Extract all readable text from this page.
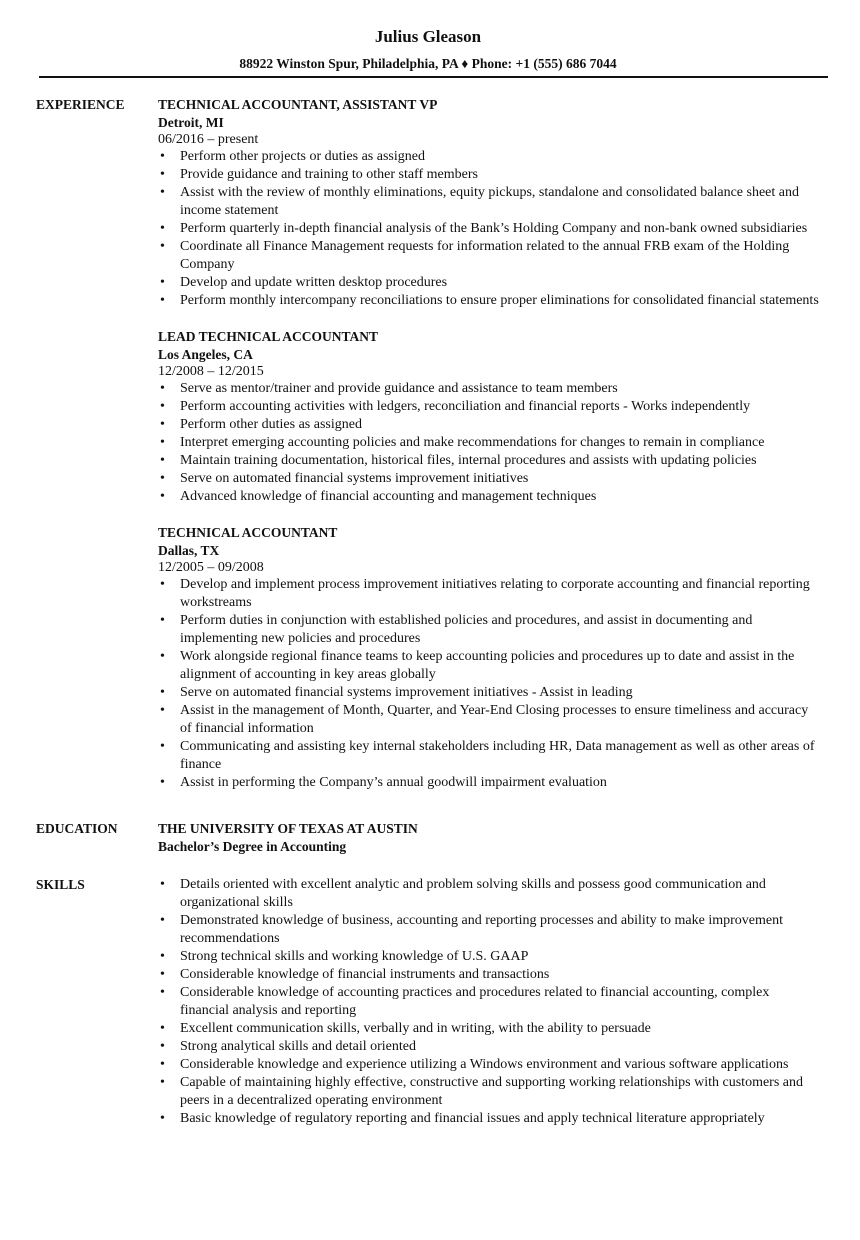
Julius Gleason
88922 Winston Spur, Philadelphia, PA ♦ Phone: +1 (555) 686 7044
EXPERIENCE	TECHNICAL ACCOUNTANT, ASSISTANT VP
Detroit, MI
06/2016 – present
• Perform other projects or duties as assigned
• Provide guidance and training to other staff members
• Assist with the review of monthly eliminations, equity pickups, standalone and consolidated balance sheet and income statement
• Perform quarterly in-depth financial analysis of the Bank’s Holding Company and non-bank owned subsidiaries
• Coordinate all Finance Management requests for information related to the annual FRB exam of the Holding Company
• Develop and update written desktop procedures
• Perform monthly intercompany reconciliations to ensure proper eliminations for consolidated financial statements
LEAD TECHNICAL ACCOUNTANT
Los Angeles, CA
12/2008 – 12/2015
• Serve as mentor/trainer and provide guidance and assistance to team members
• Perform accounting activities with ledgers, reconciliation and financial reports - Works independently
• Perform other duties as assigned
• Interpret emerging accounting policies and make recommendations for changes to remain in compliance
• Maintain training documentation, historical files, internal procedures and assists with updating policies
• Serve on automated financial systems improvement initiatives
• Advanced knowledge of financial accounting and management techniques
TECHNICAL ACCOUNTANT
Dallas, TX
12/2005 – 09/2008
• Develop and implement process improvement initiatives relating to corporate accounting and financial reporting workstreams
• Perform duties in conjunction with established policies and procedures, and assist in documenting and implementing new policies and procedures
• Work alongside regional finance teams to keep accounting policies and procedures up to date and assist in the alignment of accounting in key areas globally
• Serve on automated financial systems improvement initiatives - Assist in leading
• Assist in the management of Month, Quarter, and Year-End Closing processes to ensure timeliness and accuracy of financial information
• Communicating and assisting key internal stakeholders including HR, Data management as well as other areas of finance
• Assist in performing the Company’s annual goodwill impairment evaluation
EDUCATION	THE UNIVERSITY OF TEXAS AT AUSTIN
Bachelor’s Degree in Accounting
SKILLS
•	Details oriented with excellent analytic and problem solving skills and possess good communication and organizational skills
• Demonstrated knowledge of business, accounting and reporting processes and ability to make improvement recommendations
• Strong technical skills and working knowledge of U.S. GAAP
• Considerable knowledge of financial instruments and transactions
• Considerable knowledge of accounting practices and procedures related to financial accounting, complex financial analysis and reporting
• Excellent communication skills, verbally and in writing, with the ability to persuade
• Strong analytical skills and detail oriented
• Considerable knowledge and experience utilizing a Windows environment and various software applications
• Capable of maintaining highly effective, constructive and supporting working relationships with customers and peers in a decentralized operating environment
• Basic knowledge of regulatory reporting and financial issues and apply technical literature appropriately
